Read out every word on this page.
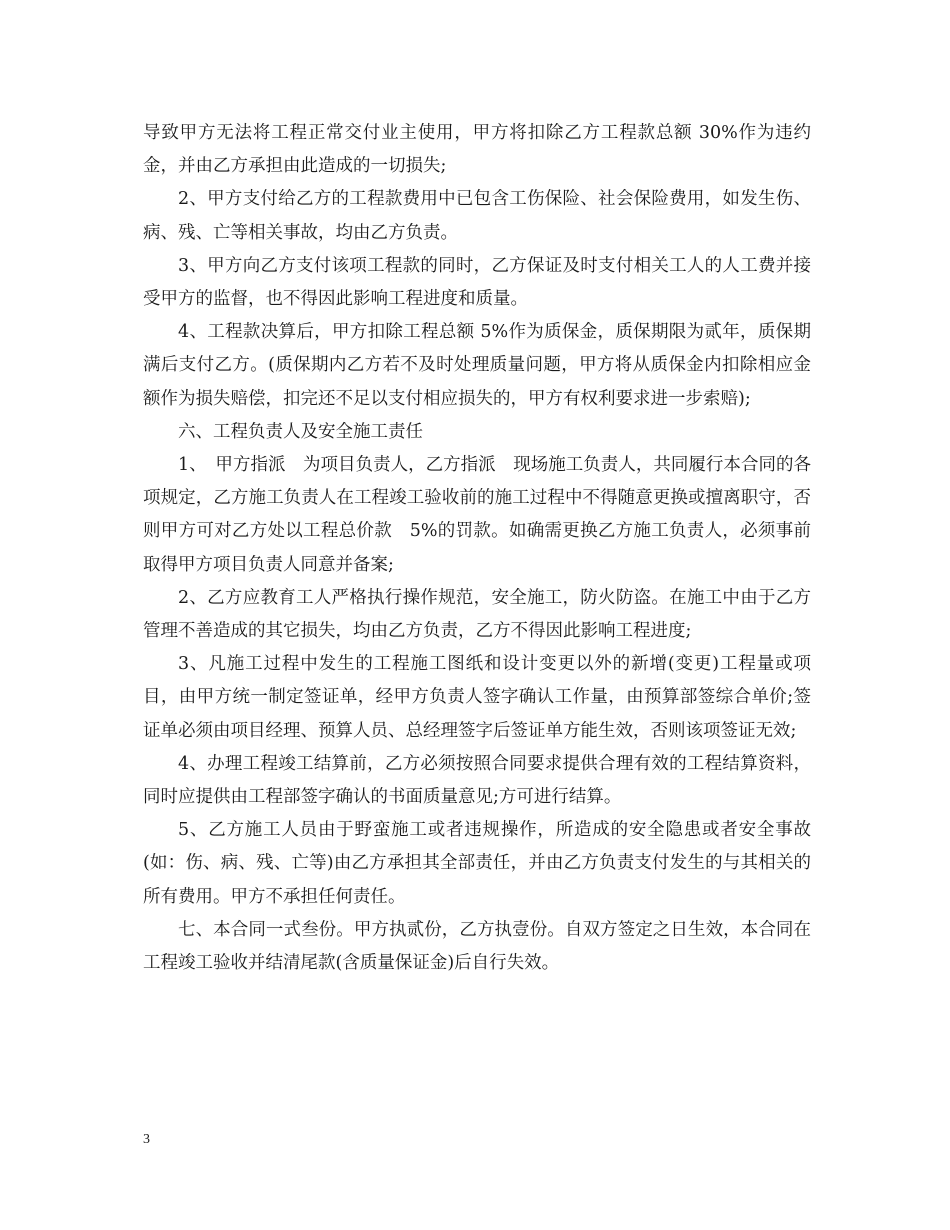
导致甲方无法将工程正常交付业主使用，甲方将扣除乙方工程款总额 30%作为违约金，并由乙方承担由此造成的一切损失;

2、甲方支付给乙方的工程款费用中已包含工伤保险、社会保险费用，如发生伤、病、残、亡等相关事故，均由乙方负责。

3、甲方向乙方支付该项工程款的同时，乙方保证及时支付相关工人的人工费并接受甲方的监督，也不得因此影响工程进度和质量。

4、工程款决算后，甲方扣除工程总额 5%作为质保金，质保期限为贰年，质保期满后支付乙方。(质保期内乙方若不及时处理质量问题，甲方将从质保金内扣除相应金额作为损失赔偿，扣完还不足以支付相应损失的，甲方有权利要求进一步索赔);

六、工程负责人及安全施工责任

1、　甲方指派　为项目负责人，乙方指派　现场施工负责人，共同履行本合同的各项规定，乙方施工负责人在工程竣工验收前的施工过程中不得随意更换或擅离职守，否则甲方可对乙方处以工程总价款　5%的罚款。如确需更换乙方施工负责人，必须事前取得甲方项目负责人同意并备案;

2、乙方应教育工人严格执行操作规范，安全施工，防火防盗。在施工中由于乙方管理不善造成的其它损失，均由乙方负责，乙方不得因此影响工程进度;

3、凡施工过程中发生的工程施工图纸和设计变更以外的新增(变更)工程量或项目，由甲方统一制定签证单，经甲方负责人签字确认工作量，由预算部签综合单价;签证单必须由项目经理、预算人员、总经理签字后签证单方能生效，否则该项签证无效;

4、办理工程竣工结算前，乙方必须按照合同要求提供合理有效的工程结算资料，同时应提供由工程部签字确认的书面质量意见;方可进行结算。

5、乙方施工人员由于野蛮施工或者违规操作，所造成的安全隐患或者安全事故(如：伤、病、残、亡等)由乙方承担其全部责任，并由乙方负责支付发生的与其相关的所有费用。甲方不承担任何责任。

七、本合同一式叁份。甲方执贰份，乙方执壹份。自双方签定之日生效，本合同在工程竣工验收并结清尾款(含质量保证金)后自行失效。

3
